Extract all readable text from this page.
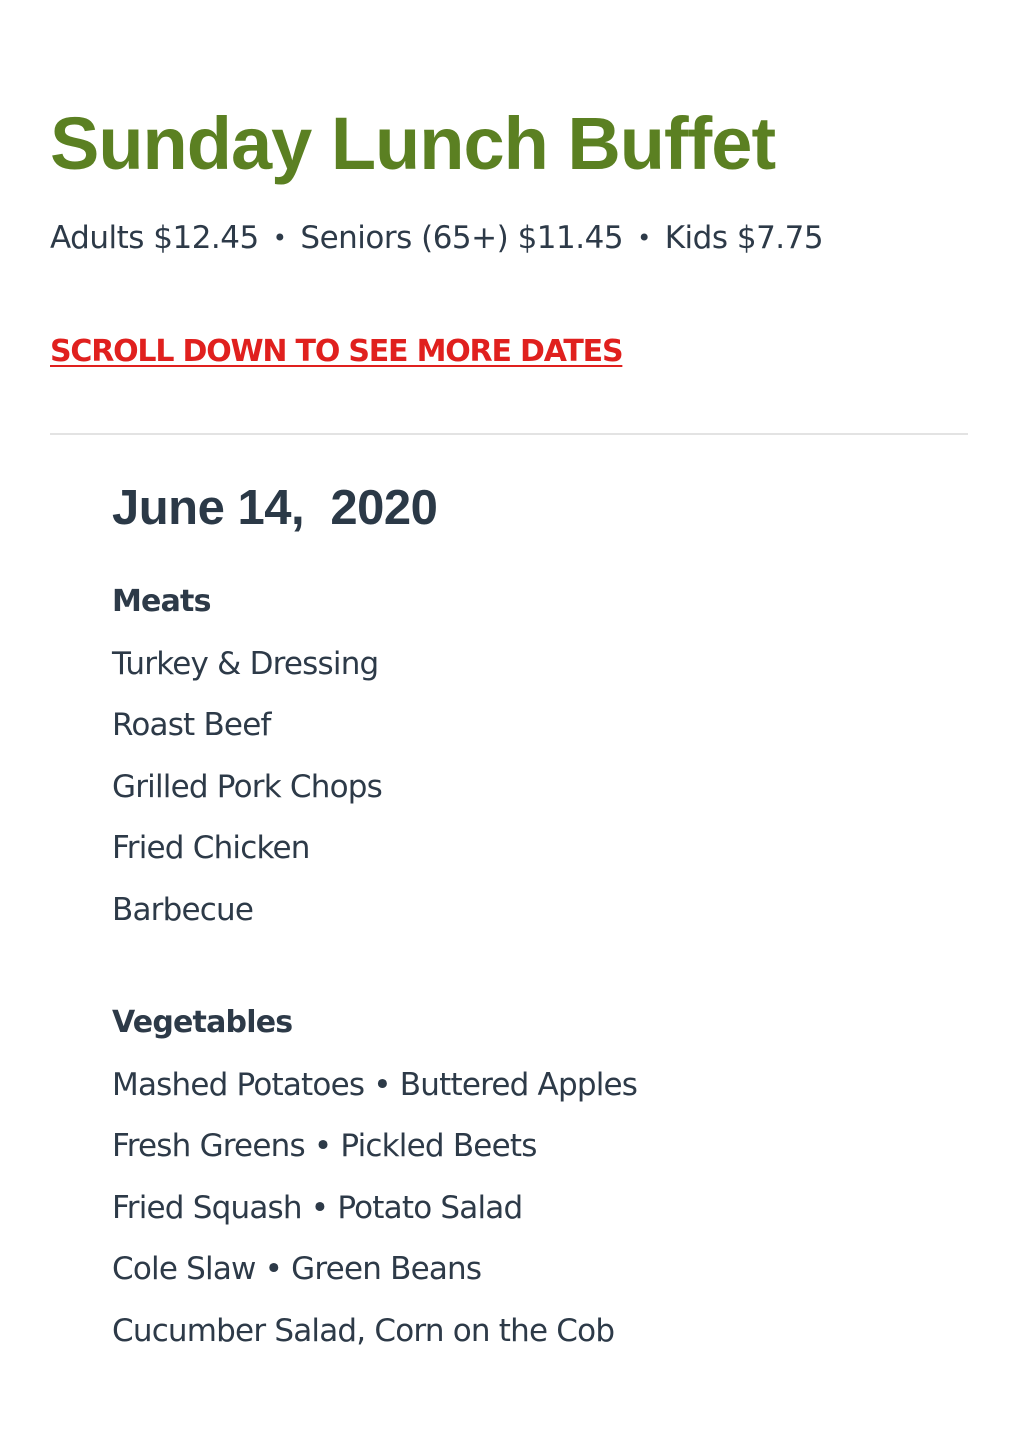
Sunday Lunch Buffet
Adults $12.45 • Seniors (65+) $11.45 • Kids $7.75
SCROLL DOWN TO SEE MORE DATES
June 14,  2020
Meats
Turkey & Dressing
Roast Beef
Grilled Pork Chops
Fried Chicken
Barbecue
Vegetables
Mashed Potatoes • Buttered Apples
Fresh Greens • Pickled Beets
Fried Squash • Potato Salad
Cole Slaw • Green Beans
Cucumber Salad, Corn on the Cob
